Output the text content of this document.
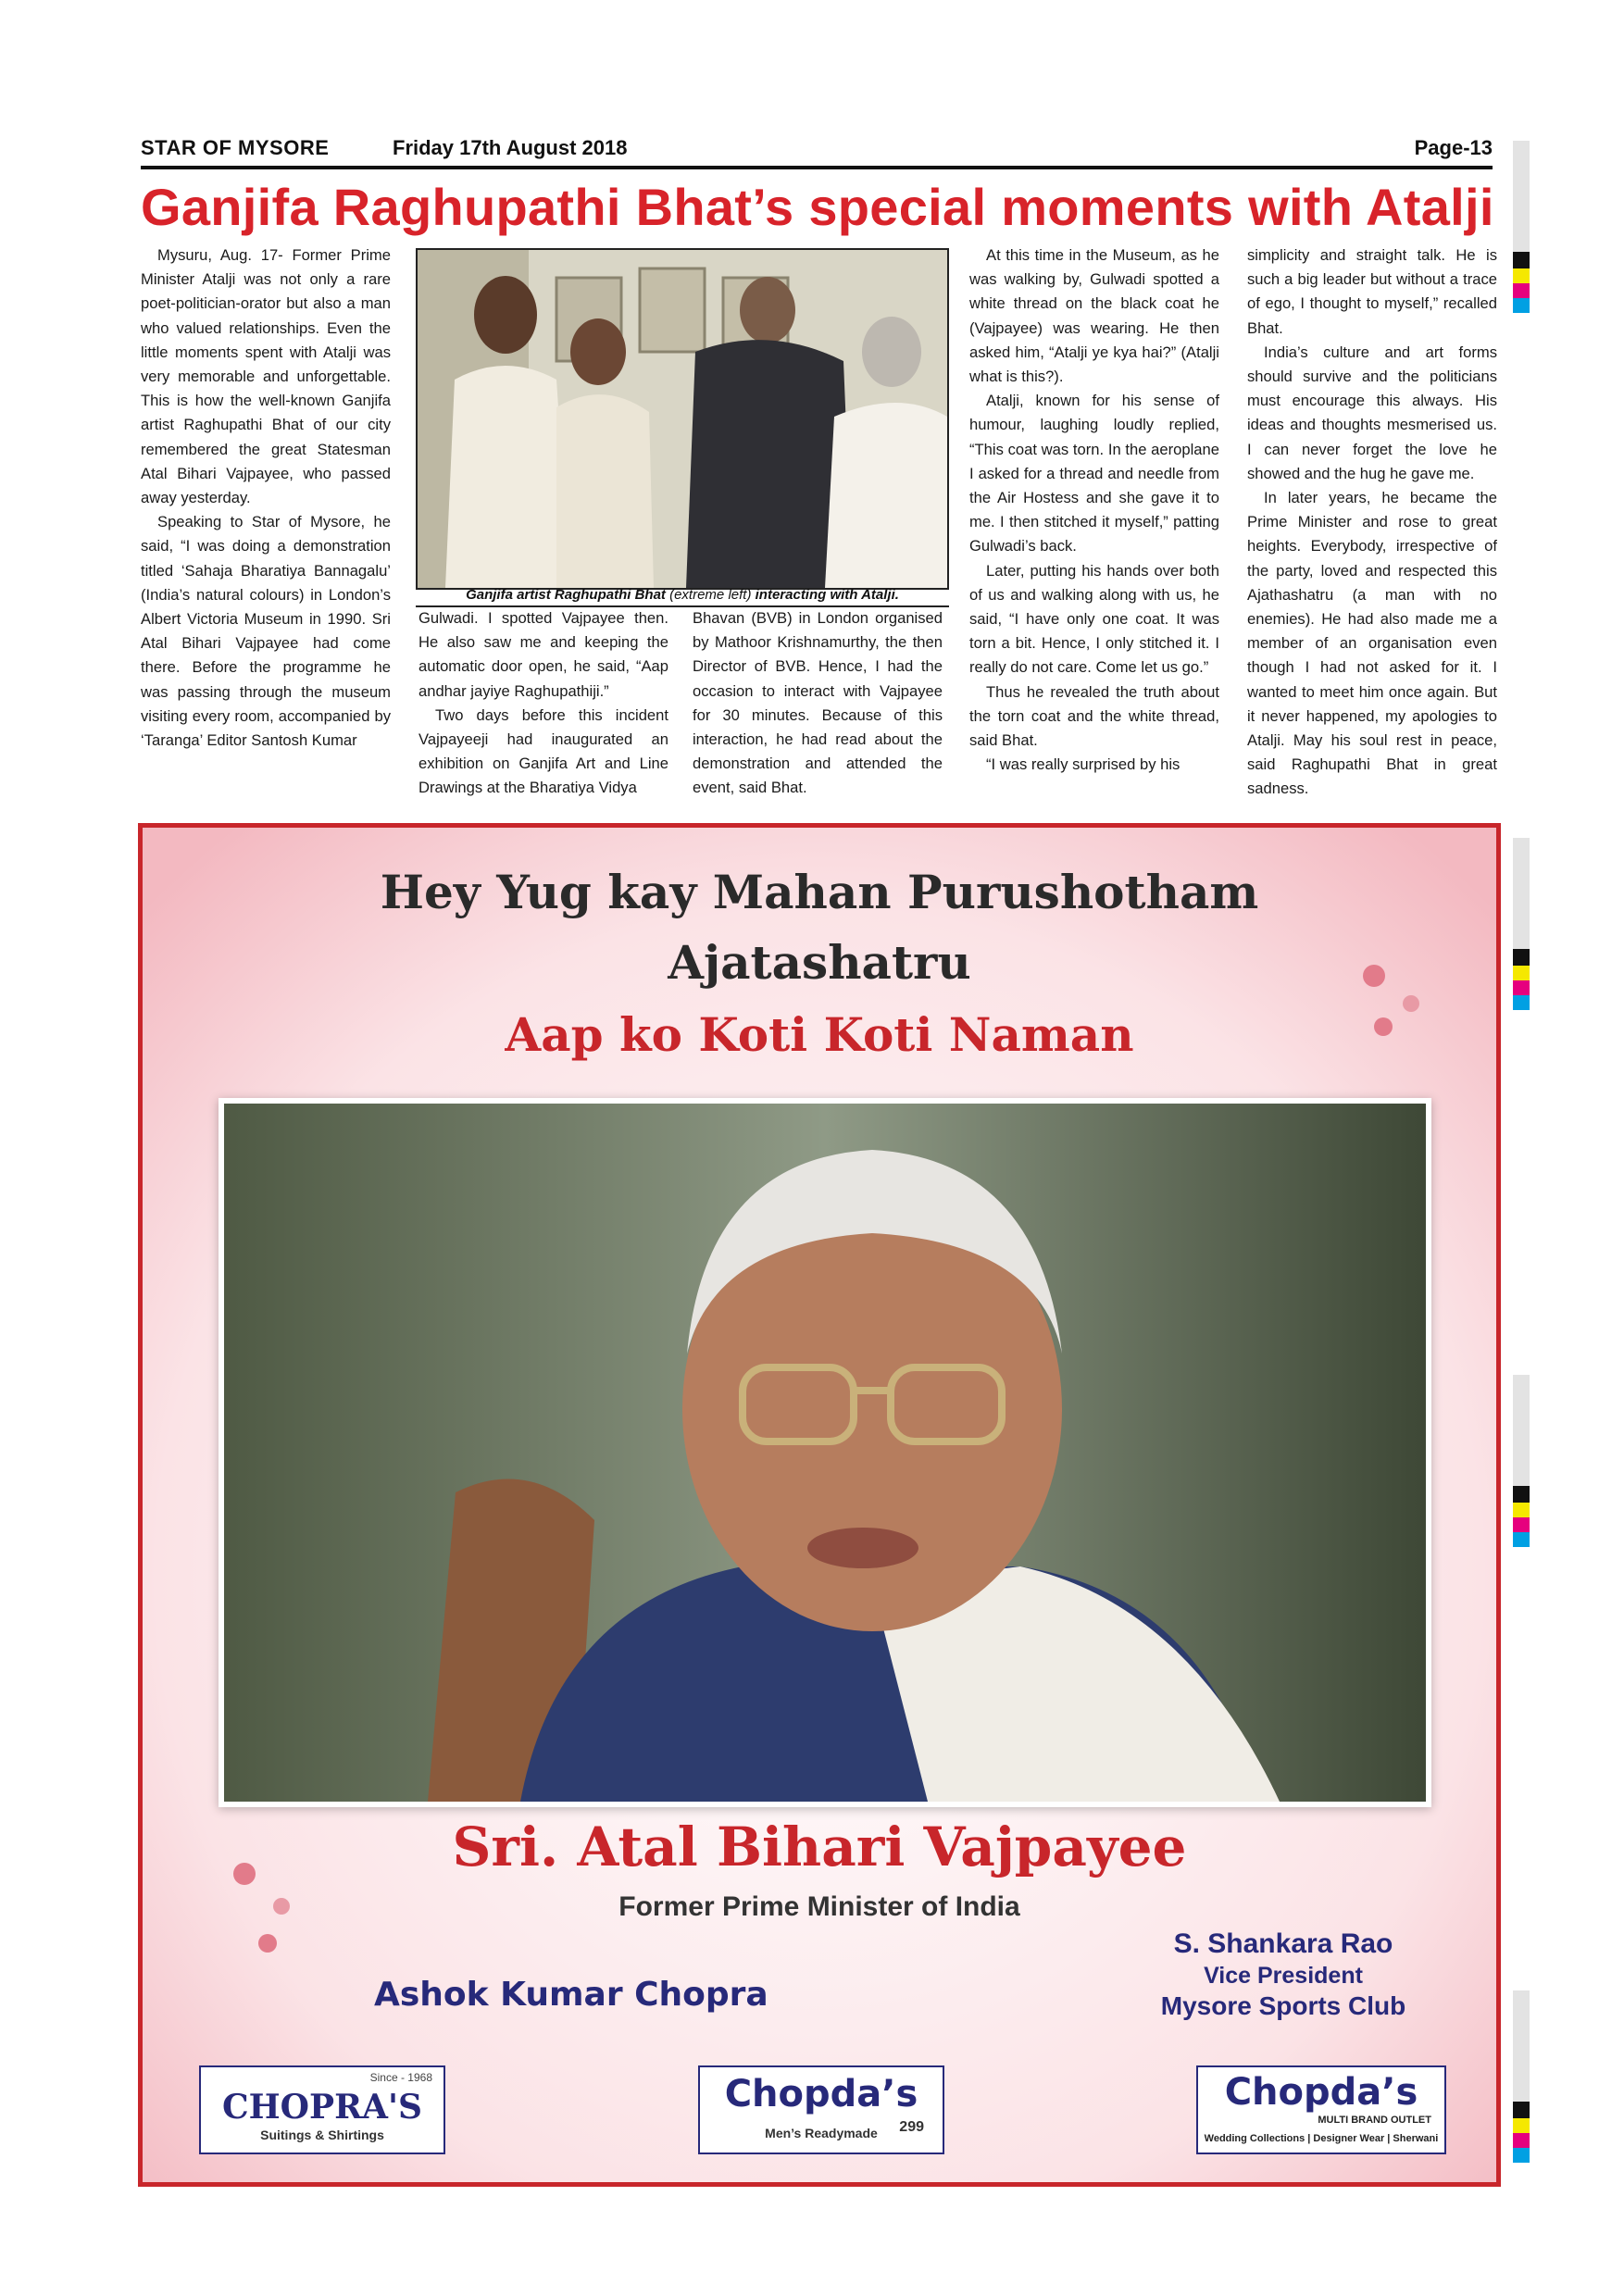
STAR OF MYSORE	Friday 17th August 2018	Page-13
Ganjifa Raghupathi Bhat’s special moments with Atalji

Mysuru, Aug. 17- Former Prime Minister Atalji was not only a rare poet-politician-orator but also a man who valued relationships. Even the little moments spent with Atalji was very memorable and unforgettable. This is how the well-known Ganjifa artist Raghupathi Bhat of our city remembered the great Statesman Atal Bihari Vajpayee, who passed away yesterday.

Speaking to Star of Mysore, he said, “I was doing a demonstration titled ‘Sahaja Bharatiya Bannagalu’ (India’s natural colours) in London’s Albert Victoria Museum in 1990. Sri Atal Bihari Vajpayee had come there. Before the programme he was passing through the museum visiting every room, accompanied by ‘Taranga’ Editor Santosh Kumar

Ganjifa artist Raghupathi Bhat (extreme left) interacting with Atalji.

Gulwadi. I spotted Vajpayee then. He also saw me and keeping the automatic door open, he said, “Aap andhar jayiye Raghupathiji.”

Two days before this incident Vajpayeeji had inaugurated an exhibition on Ganjifa Art and Line Drawings at the Bharatiya Vidya

Bhavan (BVB) in London organised by Mathoor Krishnamurthy, the then Director of BVB. Hence, I had the occasion to interact with Vajpayee for 30 minutes. Because of this interaction, he had read about the demonstration and attended the event, said Bhat.

At this time in the Museum, as he was walking by, Gulwadi spotted a white thread on the black coat he (Vajpayee) was wearing. He then asked him, “Atalji ye kya hai?” (Atalji what is this?).

Atalji, known for his sense of humour, laughing loudly replied, “This coat was torn. In the aeroplane I asked for a thread and needle from the Air Hostess and she gave it to me. I then stitched it myself,” patting Gulwadi’s back.

Later, putting his hands over both of us and walking along with us, he said, “I have only one coat. It was torn a bit. Hence, I only stitched it. I really do not care. Come let us go.”

Thus he revealed the truth about the torn coat and the white thread, said Bhat.

“I was really surprised by his

simplicity and straight talk. He is such a big leader but without a trace of ego, I thought to myself,” recalled Bhat.

India’s culture and art forms should survive and the politicians must encourage this always. His ideas and thoughts mesmerised us. I can never forget the love he showed and the hug he gave me.

In later years, he became the Prime Minister and rose to great heights. Everybody, irrespective of the party, loved and respected this Ajathashatru (a man with no enemies). He had also made me a member of an organisation even though I had not asked for it. I wanted to meet him once again. But it never happened, my apologies to Atalji. May his soul rest in peace, said Raghupathi Bhat in great sadness.

Hey Yug kay Mahan Purushotham
Ajatashatru
Aap ko Koti Koti Naman
Sri. Atal Bihari Vajpayee
Former Prime Minister of India
Ashok Kumar Chopra
S. Shankara Rao
Vice President
Mysore Sports Club
Since - 1968
CHOPRA'S
Suitings & Shirtings
Chopda’s
299
Men’s Readymade
Chopda’s
MULTI BRAND OUTLET
Wedding Collections | Designer Wear | Sherwani
